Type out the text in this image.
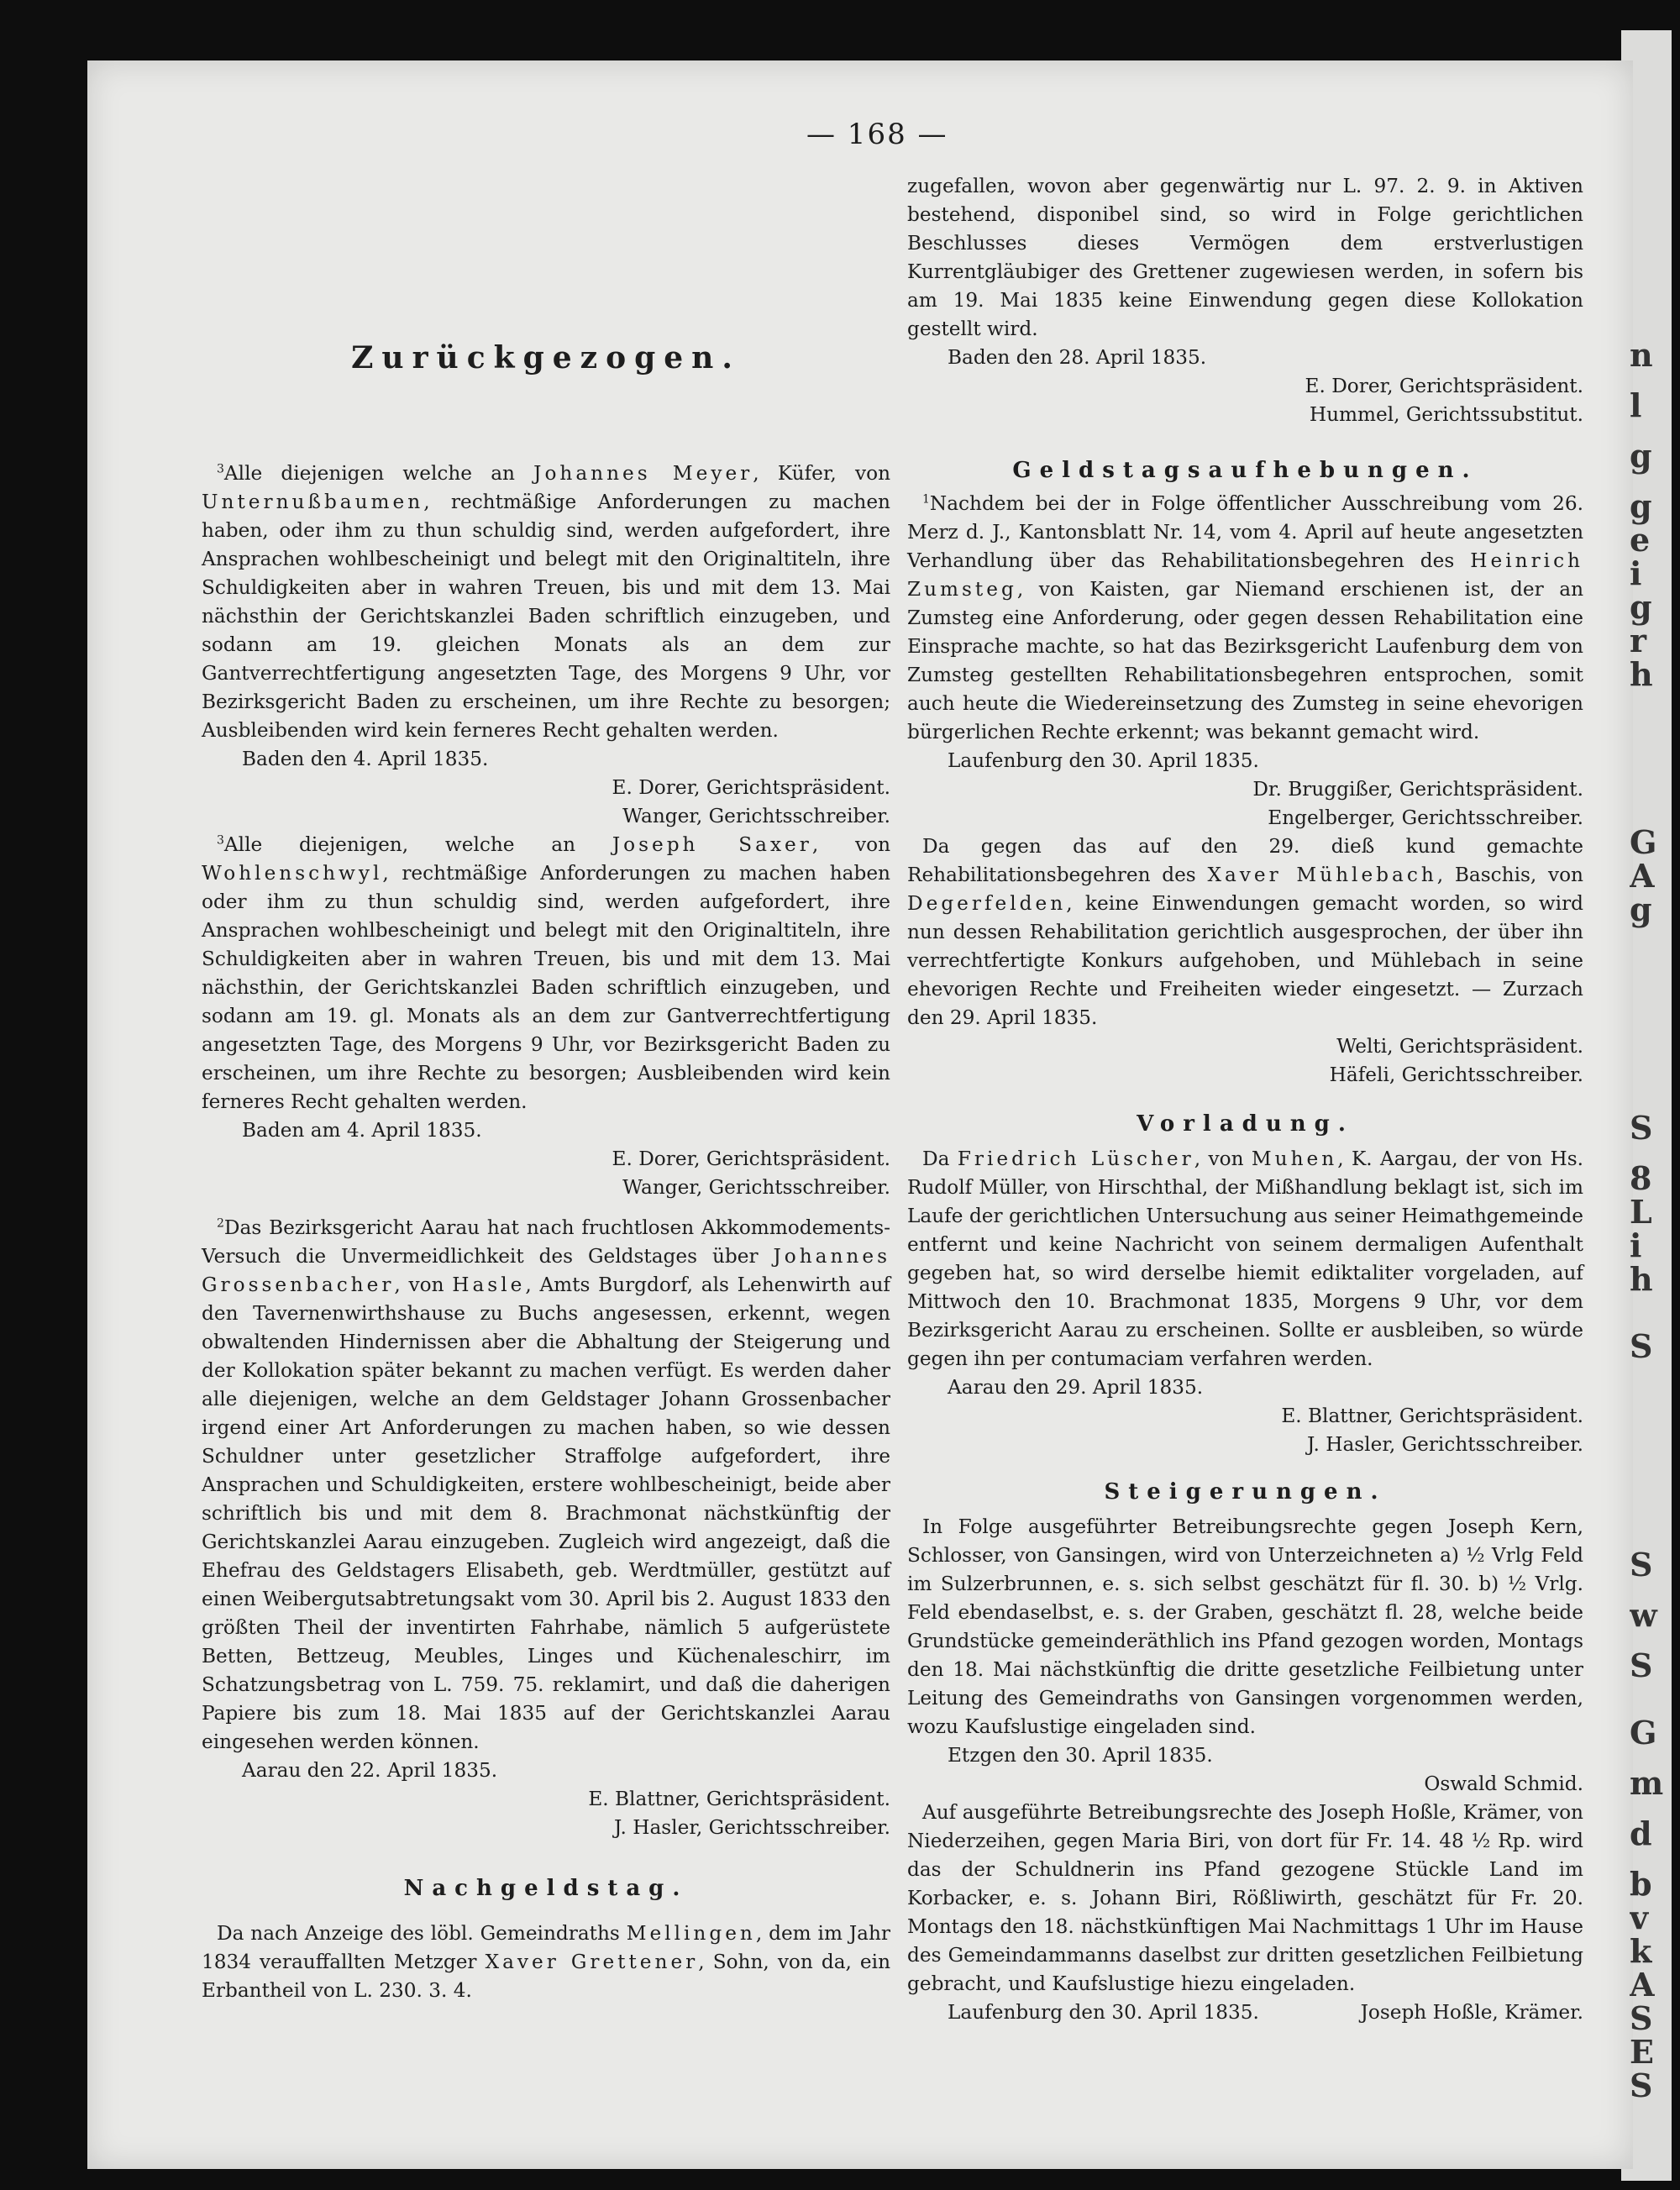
n
l
g
g
e
i
g
r
h
G
A
g
S
8
L
i
h
S
S
w
S
G
m
d
b
v
k
A
S
E
S
— 168 —
Zurückgezogen.

$^3$Alle diejenigen welche an Johannes Meyer, Küfer, von Unternußbaumen, rechtmäßige Anforderungen zu machen haben, oder ihm zu thun schuldig sind, werden aufgefordert, ihre Ansprachen wohlbescheinigt und belegt mit den Originaltiteln, ihre Schuldigkeiten aber in wahren Treuen, bis und mit dem 13. Mai nächsthin der Gerichtskanzlei Baden schriftlich einzugeben, und sodann am 19. gleichen Monats als an dem zur Gantverrechtfertigung angesetzten Tage, des Morgens 9 Uhr, vor Bezirksgericht Baden zu erscheinen, um ihre Rechte zu besorgen; Ausbleibenden wird kein ferneres Recht gehalten werden.

Baden den 4. April 1835.

E. Dorer, Gerichtspräsident.

Wanger, Gerichtsschreiber.

$^3$Alle diejenigen, welche an Joseph Saxer, von Wohlenschwyl, rechtmäßige Anforderungen zu machen haben oder ihm zu thun schuldig sind, werden aufgefordert, ihre Ansprachen wohlbescheinigt und belegt mit den Originaltiteln, ihre Schuldigkeiten aber in wahren Treuen, bis und mit dem 13. Mai nächsthin, der Gerichtskanzlei Baden schriftlich einzugeben, und sodann am 19. gl. Monats als an dem zur Gantverrechtfertigung angesetzten Tage, des Morgens 9 Uhr, vor Bezirksgericht Baden zu erscheinen, um ihre Rechte zu besorgen; Ausbleibenden wird kein ferneres Recht gehalten werden.

Baden am 4. April 1835.

E. Dorer, Gerichtspräsident.

Wanger, Gerichtsschreiber.

$^2$Das Bezirksgericht Aarau hat nach fruchtlosen Akkommodements-Versuch die Unvermeidlichkeit des Geldstages über Johannes Grossenbacher, von Hasle, Amts Burgdorf, als Lehenwirth auf den Tavernenwirthshause zu Buchs angesessen, erkennt, wegen obwaltenden Hindernissen aber die Abhaltung der Steigerung und der Kollokation später bekannt zu machen verfügt. Es werden daher alle diejenigen, welche an dem Geldstager Johann Grossenbacher irgend einer Art Anforderungen zu machen haben, so wie dessen Schuldner unter gesetzlicher Straffolge aufgefordert, ihre Ansprachen und Schuldigkeiten, erstere wohlbescheinigt, beide aber schriftlich bis und mit dem 8. Brachmonat nächstkünftig der Gerichtskanzlei Aarau einzugeben. Zugleich wird angezeigt, daß die Ehefrau des Geldstagers Elisabeth, geb. Werdtmüller, gestützt auf einen Weibergutsabtretungsakt vom 30. April bis 2. August 1833 den größten Theil der inventirten Fahrhabe, nämlich 5 aufgerüstete Betten, Bettzeug, Meubles, Linges und Küchenaleschirr, im Schatzungsbetrag von L. 759. 75. reklamirt, und daß die daherigen Papiere bis zum 18. Mai 1835 auf der Gerichtskanzlei Aarau eingesehen werden können.

Aarau den 22. April 1835.

E. Blattner, Gerichtspräsident.

J. Hasler, Gerichtsschreiber.

Nachgeldstag.

Da nach Anzeige des löbl. Gemeindraths Mellingen, dem im Jahr 1834 verauffallten Metzger Xaver Grettener, Sohn, von da, ein Erbantheil von L. 230. 3. 4.

zugefallen, wovon aber gegenwärtig nur L. 97. 2. 9. in Aktiven bestehend, disponibel sind, so wird in Folge gerichtlichen Beschlusses dieses Vermögen dem erstverlustigen Kurrentgläubiger des Grettener zugewiesen werden, in sofern bis am 19. Mai 1835 keine Einwendung gegen diese Kollokation gestellt wird.

Baden den 28. April 1835.

E. Dorer, Gerichtspräsident.

Hummel, Gerichtssubstitut.

Geldstagsaufhebungen.

$^1$Nachdem bei der in Folge öffentlicher Ausschreibung vom 26. Merz d. J., Kantonsblatt Nr. 14, vom 4. April auf heute angesetzten Verhandlung über das Rehabilitationsbegehren des Heinrich Zumsteg, von Kaisten, gar Niemand erschienen ist, der an Zumsteg eine Anforderung, oder gegen dessen Rehabilitation eine Einsprache machte, so hat das Bezirksgericht Laufenburg dem von Zumsteg gestellten Rehabilitationsbegehren entsprochen, somit auch heute die Wiedereinsetzung des Zumsteg in seine ehevorigen bürgerlichen Rechte erkennt; was bekannt gemacht wird.

Laufenburg den 30. April 1835.

Dr. Bruggißer, Gerichtspräsident.

Engelberger, Gerichtsschreiber.

Da gegen das auf den 29. dieß kund gemachte Rehabilitationsbegehren des Xaver Mühlebach, Baschis, von Degerfelden, keine Einwendungen gemacht worden, so wird nun dessen Rehabilitation gerichtlich ausgesprochen, der über ihn verrechtfertigte Konkurs aufgehoben, und Mühlebach in seine ehevorigen Rechte und Freiheiten wieder eingesetzt. — Zurzach den 29. April 1835.

Welti, Gerichtspräsident.

Häfeli, Gerichtsschreiber.

Vorladung.

Da Friedrich Lüscher, von Muhen, K. Aargau, der von Hs. Rudolf Müller, von Hirschthal, der Mißhandlung beklagt ist, sich im Laufe der gerichtlichen Untersuchung aus seiner Heimathgemeinde entfernt und keine Nachricht von seinem dermaligen Aufenthalt gegeben hat, so wird derselbe hiemit ediktaliter vorgeladen, auf Mittwoch den 10. Brachmonat 1835, Morgens 9 Uhr, vor dem Bezirksgericht Aarau zu erscheinen. Sollte er ausbleiben, so würde gegen ihn per contumaciam verfahren werden.

Aarau den 29. April 1835.

E. Blattner, Gerichtspräsident.

J. Hasler, Gerichtsschreiber.

Steigerungen.

In Folge ausgeführter Betreibungsrechte gegen Joseph Kern, Schlosser, von Gansingen, wird von Unterzeichneten a) ½ Vrlg Feld im Sulzerbrunnen, e. s. sich selbst geschätzt für fl. 30. b) ½ Vrlg. Feld ebendaselbst, e. s. der Graben, geschätzt fl. 28, welche beide Grundstücke gemeinderäthlich ins Pfand gezogen worden, Montags den 18. Mai nächstkünftig die dritte gesetzliche Feilbietung unter Leitung des Gemeindraths von Gansingen vorgenommen werden, wozu Kaufslustige eingeladen sind.

Etzgen den 30. April 1835.

Oswald Schmid.

Auf ausgeführte Betreibungsrechte des Joseph Hoßle, Krämer, von Niederzeihen, gegen Maria Biri, von dort für Fr. 14. 48 ½ Rp. wird das der Schuldnerin ins Pfand gezogene Stückle Land im Korbacker, e. s. Johann Biri, Rößliwirth, geschätzt für Fr. 20. Montags den 18. nächstkünftigen Mai Nachmittags 1 Uhr im Hause des Gemeindammanns daselbst zur dritten gesetzlichen Feilbietung gebracht, und Kaufslustige hiezu eingeladen.

Laufenburg den 30. April 1835.	Joseph Hoßle, Krämer.
